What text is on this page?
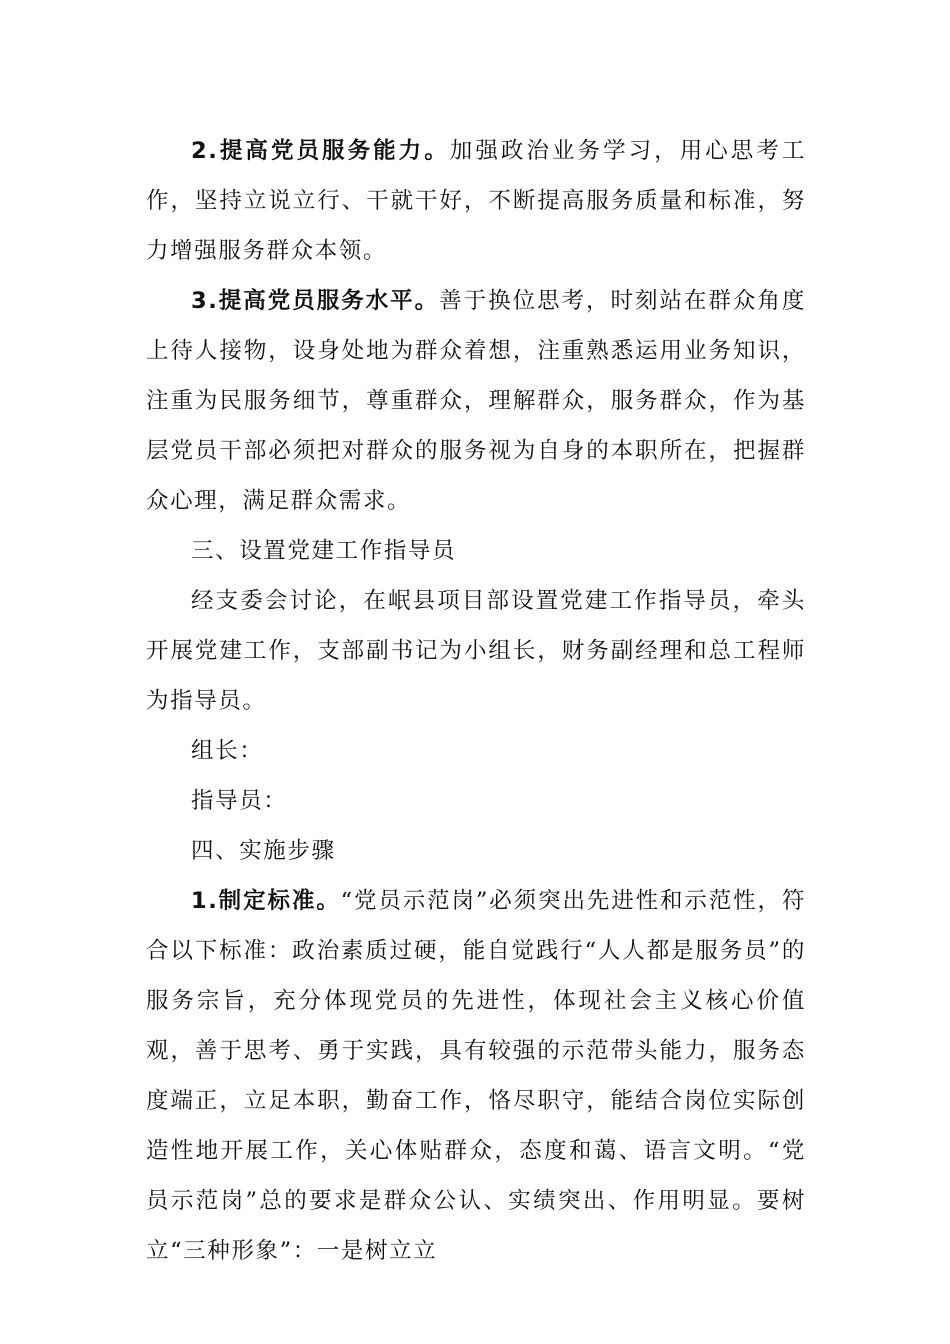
2.提高党员服务能力。加强政治业务学习，用心思考工作，坚持立说立行、干就干好，不断提高服务质量和标准，努力增强服务群众本领。

3.提高党员服务水平。善于换位思考，时刻站在群众角度上待人接物，设身处地为群众着想，注重熟悉运用业务知识，注重为民服务细节，尊重群众，理解群众，服务群众，作为基层党员干部必须把对群众的服务视为自身的本职所在，把握群众心理，满足群众需求。

三、设置党建工作指导员

经支委会讨论，在岷县项目部设置党建工作指导员，牵头开展党建工作，支部副书记为小组长，财务副经理和总工程师为指导员。

组长：

指导员：

四、实施步骤

1.制定标准。“党员示范岗”必须突出先进性和示范性，符合以下标准：政治素质过硬，能自觉践行“人人都是服务员”的服务宗旨，充分体现党员的先进性，体现社会主义核心价值观，善于思考、勇于实践，具有较强的示范带头能力，服务态度端正，立足本职，勤奋工作，恪尽职守，能结合岗位实际创造性地开展工作，关心体贴群众，态度和蔼、语言文明。“党员示范岗”总的要求是群众公认、实绩突出、作用明显。要树立“三种形象”：一是树立立
